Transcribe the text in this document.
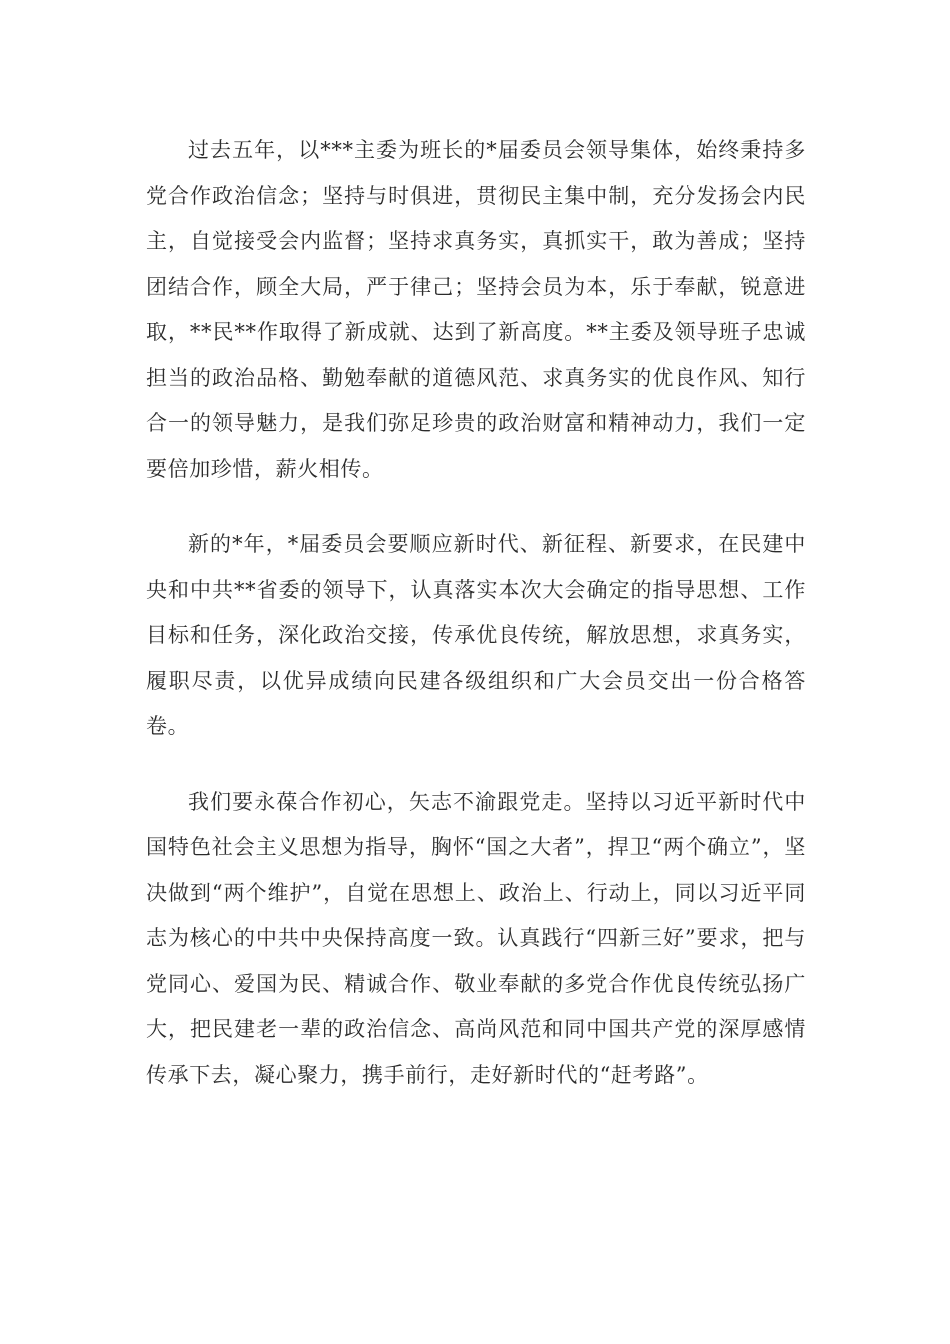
过去五年，以***主委为班长的*届委员会领导集体，始终秉持多党合作政治信念；坚持与时俱进，贯彻民主集中制，充分发扬会内民主，自觉接受会内监督；坚持求真务实，真抓实干，敢为善成；坚持团结合作，顾全大局，严于律己；坚持会员为本，乐于奉献，锐意进取，**民**作取得了新成就、达到了新高度。**主委及领导班子忠诚担当的政治品格、勤勉奉献的道德风范、求真务实的优良作风、知行合一的领导魅力，是我们弥足珍贵的政治财富和精神动力，我们一定要倍加珍惜，薪火相传。

新的*年，*届委员会要顺应新时代、新征程、新要求，在民建中央和中共**省委的领导下，认真落实本次大会确定的指导思想、工作目标和任务，深化政治交接，传承优良传统，解放思想，求真务实，履职尽责，以优异成绩向民建各级组织和广大会员交出一份合格答卷。

我们要永葆合作初心，矢志不渝跟党走。坚持以习近平新时代中国特色社会主义思想为指导，胸怀“国之大者”，捍卫“两个确立”，坚决做到“两个维护”，自觉在思想上、政治上、行动上，同以习近平同志为核心的中共中央保持高度一致。认真践行“四新三好”要求，把与党同心、爱国为民、精诚合作、敬业奉献的多党合作优良传统弘扬广大，把民建老一辈的政治信念、高尚风范和同中国共产党的深厚感情传承下去，凝心聚力，携手前行，走好新时代的“赶考路”。
